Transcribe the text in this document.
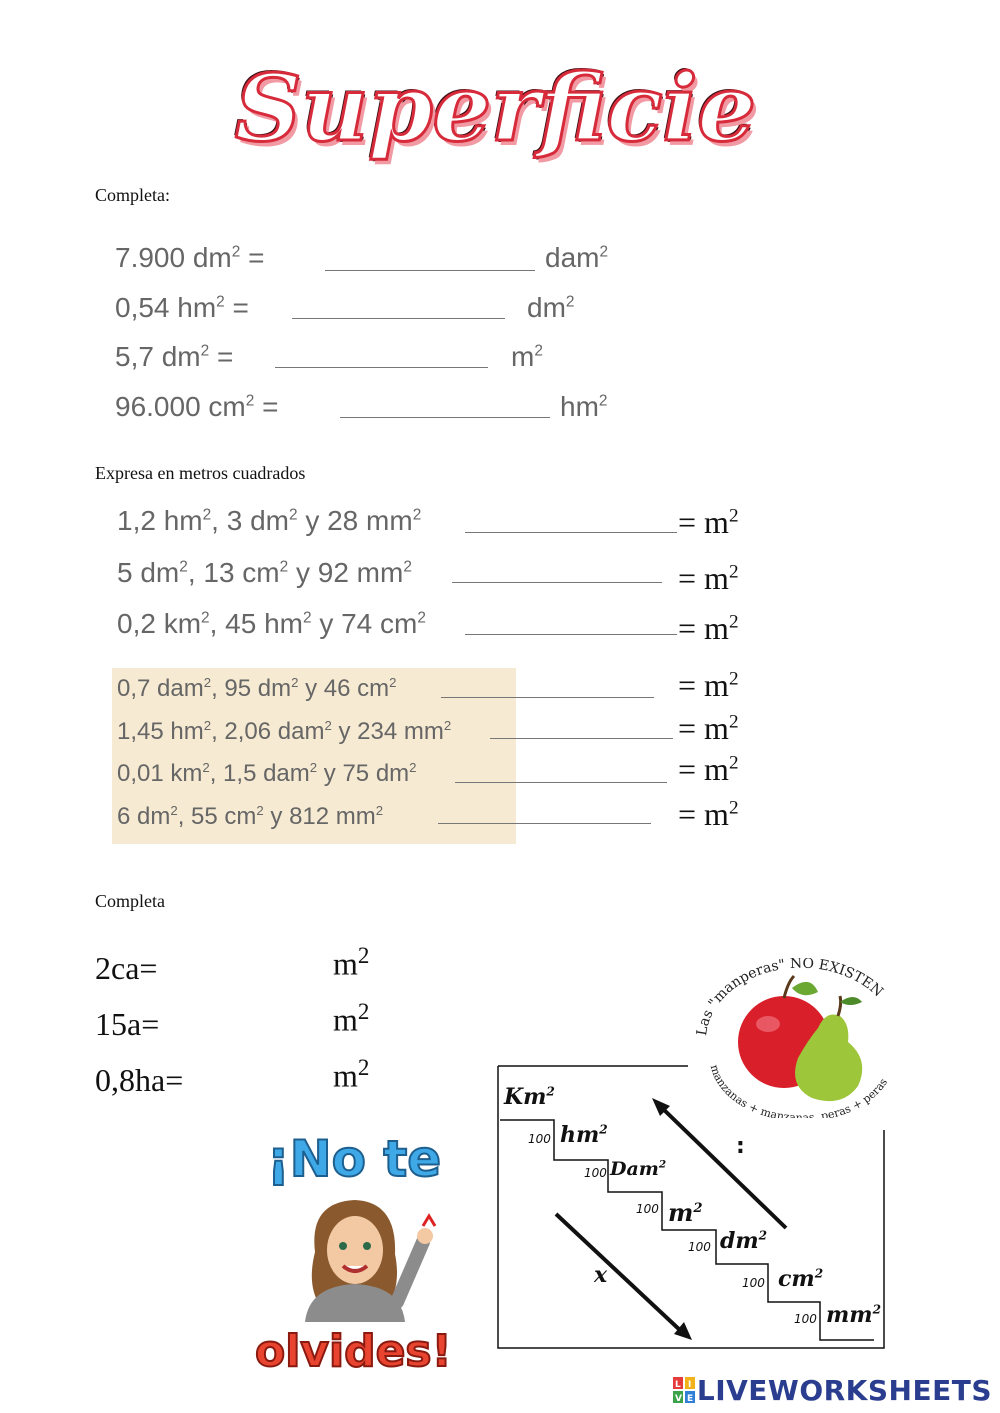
Superficie
Completa:
7.900 $dm^2$ =	dam$^2$
0,54 $hm^2$ =	$dm^2$
5,7 $dm^2$ =	$m^2$
96.000 $cm^2$ =	$hm^2$
Expresa en metros cuadrados
1,2 $hm^2$, 3 $dm^2$ y 28 $mm^2$	= $m^2$
5 $dm^2$, 13 $cm^2$ y 92 $mm^2$	= $m^2$
0,2 $km^2$, 45 $hm^2$ y 74 $cm^2$	= $m^2$
0,7 dam$^2$, 95 $dm^2$ y 46 $cm^2$	= $m^2$
1,45 $hm^2$, 2,06 dam$^2$ y 234 $mm^2$	= $m^2$
0,01 $km^2$, 1,5 dam$^2$ y 75 $dm^2$	= $m^2$
6 $dm^2$, 55 $cm^2$ y 812 $mm^2$	= $m^2$
Completa
2ca=	$m^2$
15a=	$m^2$
0,8ha=	$m^2$
Las "manperas" NO EXISTEN
manzanas + manzanas, peras + peras
¡No te
olvides!
Km$^2$
$hm^2$
Dam$^2$
$m^2$
$dm^2$
$cm^2$
$mm^2$
100
100
100
100
100
100
:
x
L I
V E LIVEWORKSHEETS
